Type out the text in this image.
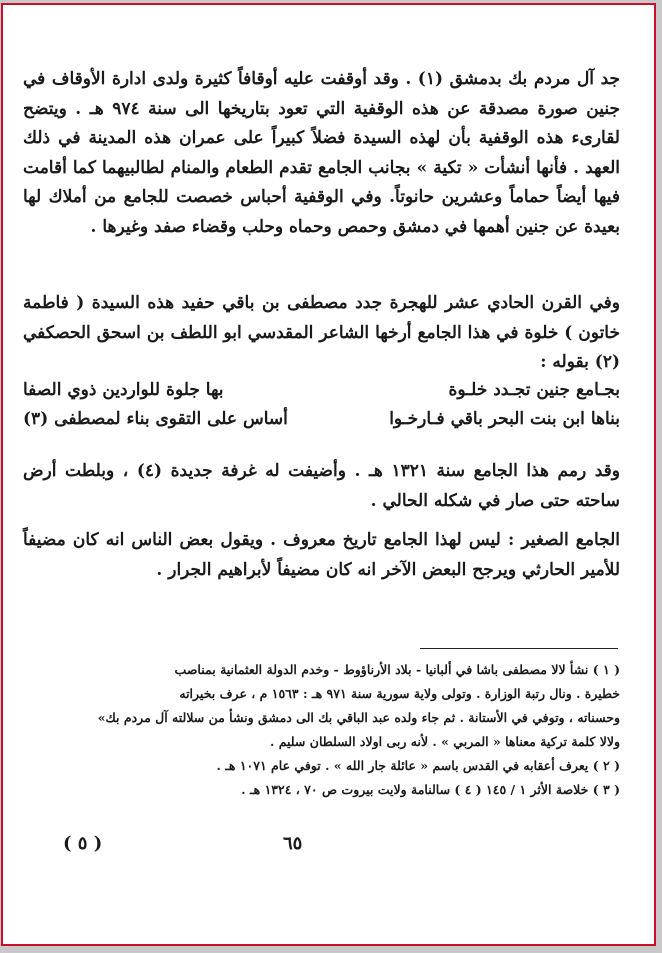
جد آل مردم بك بدمشق (١) . وقد أوقفت عليه أوقافاً كثيرة ولدى ادارة الأوقاف في جنين صورة مصدقة عن هذه الوقفية التي تعود بتاريخها الى سنة ٩٧٤ هـ . ويتضح لقارىء هذه الوقفية بأن لهذه السيدة فضلاً كبيراً على عمران هذه المدينة في ذلك العهد . فأنها أنشأت « تكية » بجانب الجامع تقدم الطعام والمنام لطالبيهما كما أقامت فيها أيضاً حماماً وعشرين حانوتاً. وفي الوقفية أحباس خصصت للجامع من أملاك لها بعيدة عن جنين أهمها في دمشق وحمص وحماه وحلب وقضاء صفد وغيرها .
وفي القرن الحادي عشر للهجرة جدد مصطفى بن باقي حفيد هذه السيدة ( فاطمة خاتون ) خلوة في هذا الجامع أرخها الشاعر المقدسي ابو اللطف بن اسحق الحصكفي (٢) بقوله :
بجـامع جنين تجـدد خلـوة
بها جلوة للواردين ذوي الصفا
بناها ابن بنت البحر باقي فـارخـوا
أساس على التقوى بناء لمصطفى (٣)
وقد رمم هذا الجامع سنة ١٣٢١ هـ . وأضيفت له غرفة جديدة (٤) ، وبلطت أرض ساحته حتى صار في شكله الحالي .
الجامع الصغير : ليس لهذا الجامع تاريخ معروف . ويقول بعض الناس انه كان مضيفاً للأمير الحارثي ويرجح البعض الآخر انه كان مضيفاً لأبراهيم الجرار .
( ١ ) نشأ لالا مصطفى باشا في ألبانيا - بلاد الأرناؤوط - وخدم الدولة العثمانية بمناصب
خطيرة . ونال رتبة الوزارة . وتولى ولاية سورية سنة ٩٧١ هـ : ١٥٦٣ م ، عرف بخيراته
وحسناته ، وتوفي في الأستانة . ثم جاء ولده عبد الباقي بك الى دمشق ونشأ من سلالته آل مردم بك»
ولالا كلمة تركية معناها « المربي » . لأنه ربى اولاد السلطان سليم .
( ٢ ) يعرف أعقابه في القدس باسم « عائلة جار الله » . توفي عام ١٠٧١ هـ .
( ٣ ) خلاصة الأثر ١ / ١٤٥ ( ٤ ) سالنامة ولايت بيروت ص ٧٠ ، ١٣٢٤ هـ .
( ٥ )	٦٥
